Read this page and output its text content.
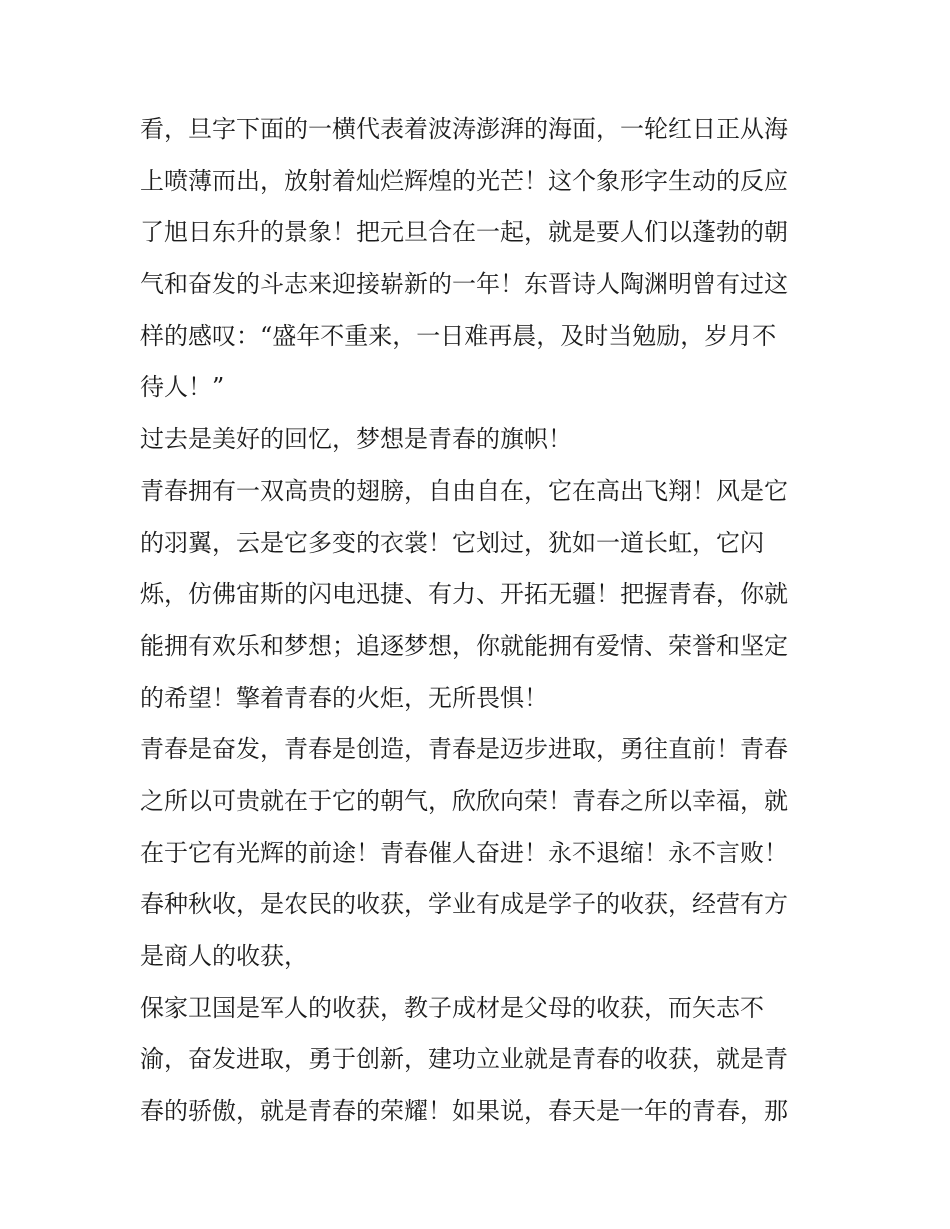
看，旦字下面的一横代表着波涛澎湃的海面，一轮红日正从海
上喷薄而出，放射着灿烂辉煌的光芒！这个象形字生动的反应
了旭日东升的景象！把元旦合在一起，就是要人们以蓬勃的朝
气和奋发的斗志来迎接崭新的一年！东晋诗人陶渊明曾有过这
样的感叹：“盛年不重来，一日难再晨，及时当勉励，岁月不
待人！”

过去是美好的回忆，梦想是青春的旗帜！

青春拥有一双高贵的翅膀，自由自在，它在高出飞翔！风是它
的羽翼，云是它多变的衣裳！它划过，犹如一道长虹，它闪
烁，仿佛宙斯的闪电迅捷、有力、开拓无疆！把握青春，你就
能拥有欢乐和梦想；追逐梦想，你就能拥有爱情、荣誉和坚定
的希望！擎着青春的火炬，无所畏惧！

青春是奋发，青春是创造，青春是迈步进取，勇往直前！青春
之所以可贵就在于它的朝气，欣欣向荣！青春之所以幸福，就
在于它有光辉的前途！青春催人奋进！永不退缩！永不言败！

春种秋收，是农民的收获，学业有成是学子的收获，经营有方
是商人的收获，

保家卫国是军人的收获，教子成材是父母的收获，而矢志不
渝，奋发进取，勇于创新，建功立业就是青春的收获，就是青
春的骄傲，就是青春的荣耀！如果说，春天是一年的青春，那
